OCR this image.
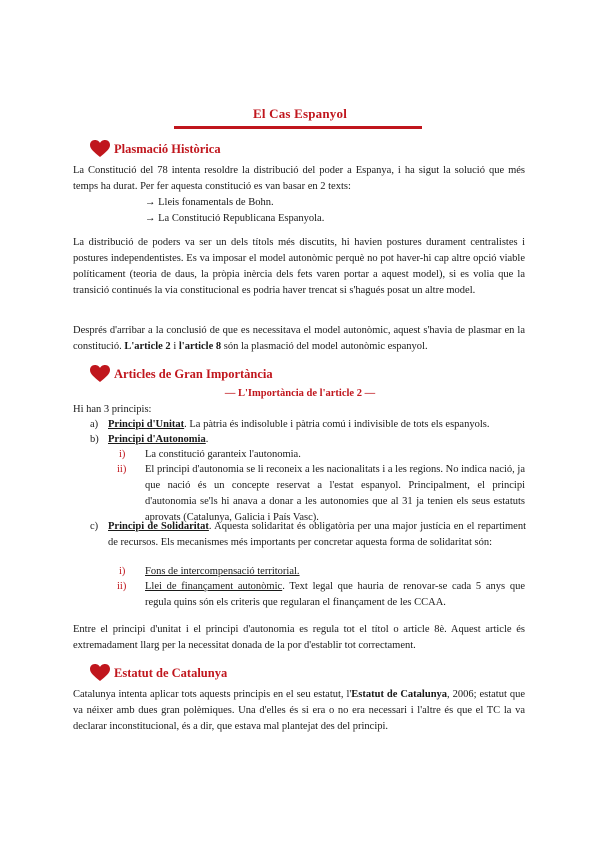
El Cas Espanyol
Plasmació Històrica
La Constitució del 78 intenta resoldre la distribució del poder a Espanya, i ha sigut la solució que més temps ha durat. Per fer aquesta constitució es van basar en 2 texts:
→ Lleis fonamentals de Bohn.
→ La Constitució Republicana Espanyola.
La distribució de poders va ser un dels títols més discutits, hi havien postures durament centralistes i postures independentistes. Es va imposar el model autonòmic perquè no pot haver-hi cap altre opció viable políticament (teoria de daus, la pròpia inèrcia dels fets varen portar a aquest model), si es volia que la transició continués la via constitucional es podria haver trencat si s'hagués posat un altre model.
Després d'arribar a la conclusió de que es necessitava el model autonòmic, aquest s'havia de plasmar en la constitució. L'article 2 i l'article 8 són la plasmació del model autonòmic espanyol.
Articles de Gran Importància
— L'Importància de l'article 2 —
Hi han 3 principis:
a) Principi d'Unitat. La pàtria és indisoluble i pàtria comú i indivisible de tots els espanyols.
b) Principi d'Autonomia.
i) La constitució garanteix l'autonomia.
ii) El principi d'autonomia se li reconeix a les nacionalitats i a les regions. No indica nació, ja que nació és un concepte reservat a l'estat espanyol. Principalment, el principi d'autonomia se'ls hi anava a donar a les autonomies que al 31 ja tenien els seus estatuts aprovats (Catalunya, Galicia i País Vasc).
c) Principi de Solidaritat. Aquesta solidaritat és obligatòria per una major justícia en el repartiment de recursos. Els mecanismes més importants per concretar aquesta forma de solidaritat són:
i) Fons de intercompensació territorial.
ii) Llei de finançament autonòmic. Text legal que hauria de renovar-se cada 5 anys que regula quins són els criteris que regularan el finançament de les CCAA.
Entre el principi d'unitat i el principi d'autonomia es regula tot el títol o article 8è. Aquest article és extremadament llarg per la necessitat donada de la por d'establir tot correctament.
Estatut de Catalunya
Catalunya intenta aplicar tots aquests principis en el seu estatut, l'Estatut de Catalunya, 2006; estatut que va néixer amb dues gran polèmiques. Una d'elles és si era o no era necessari i l'altre és que el TC la va declarar inconstitucional, és a dir, que estava mal plantejat des del principi.
